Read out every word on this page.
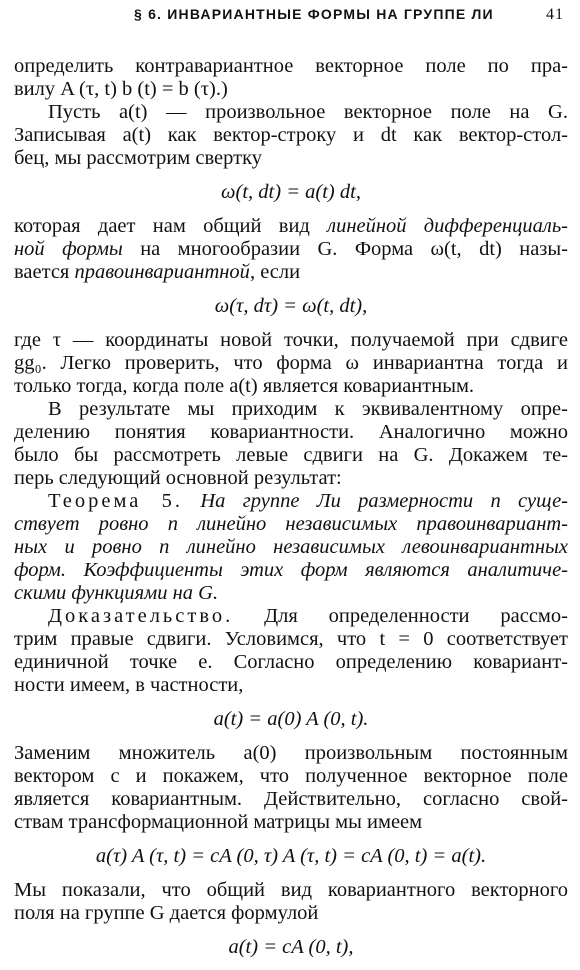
§ 6. ИНВАРИАНТНЫЕ ФОРМЫ НА ГРУППЕ ЛИ	41
определить контравариантное векторное поле по пра-
вилу A (τ, t) b (t) = b (τ).)
Пусть a(t) — произвольное векторное поле на G.
Записывая a(t) как вектор-строку и dt как вектор-стол-
бец, мы рассмотрим свертку
ω(t, dt) = a(t) dt,
которая дает нам общий вид линейной дифференциаль-
ной формы на многообразии G. Форма ω(t, dt) назы-
вается правоинвариантной, если
ω(τ, dτ) = ω(t, dt),
где τ — координаты новой точки, получаемой при сдвиге
gg₀. Легко проверить, что форма ω инвариантна тогда и
только тогда, когда поле a(t) является ковариантным.
В результате мы приходим к эквивалентному опре-
делению понятия ковариантности. Аналогично можно
было бы рассмотреть левые сдвиги на G. Докажем те-
перь следующий основной результат:
Теорема 5. На группе Ли размерности n суще-
ствует ровно n линейно независимых правоинвариант-
ных и ровно n линейно независимых левоинвариантных
форм. Коэффициенты этих форм являются аналитиче-
скими функциями на G.
Доказательство. Для определенности рассмо-
трим правые сдвиги. Условимся, что t = 0 соответствует
единичной точке e. Согласно определению ковариант-
ности имеем, в частности,
a(t) = a(0) A (0, t).
Заменим множитель a(0) произвольным постоянным
вектором c и покажем, что полученное векторное поле
является ковариантным. Действительно, согласно свой-
ствам трансформационной матрицы мы имеем
a(τ) A (τ, t) = cA (0, τ) A (τ, t) = cA (0, t) = a(t).
Мы показали, что общий вид ковариантного векторного
поля на группе G дается формулой
a(t) = cA (0, t),
